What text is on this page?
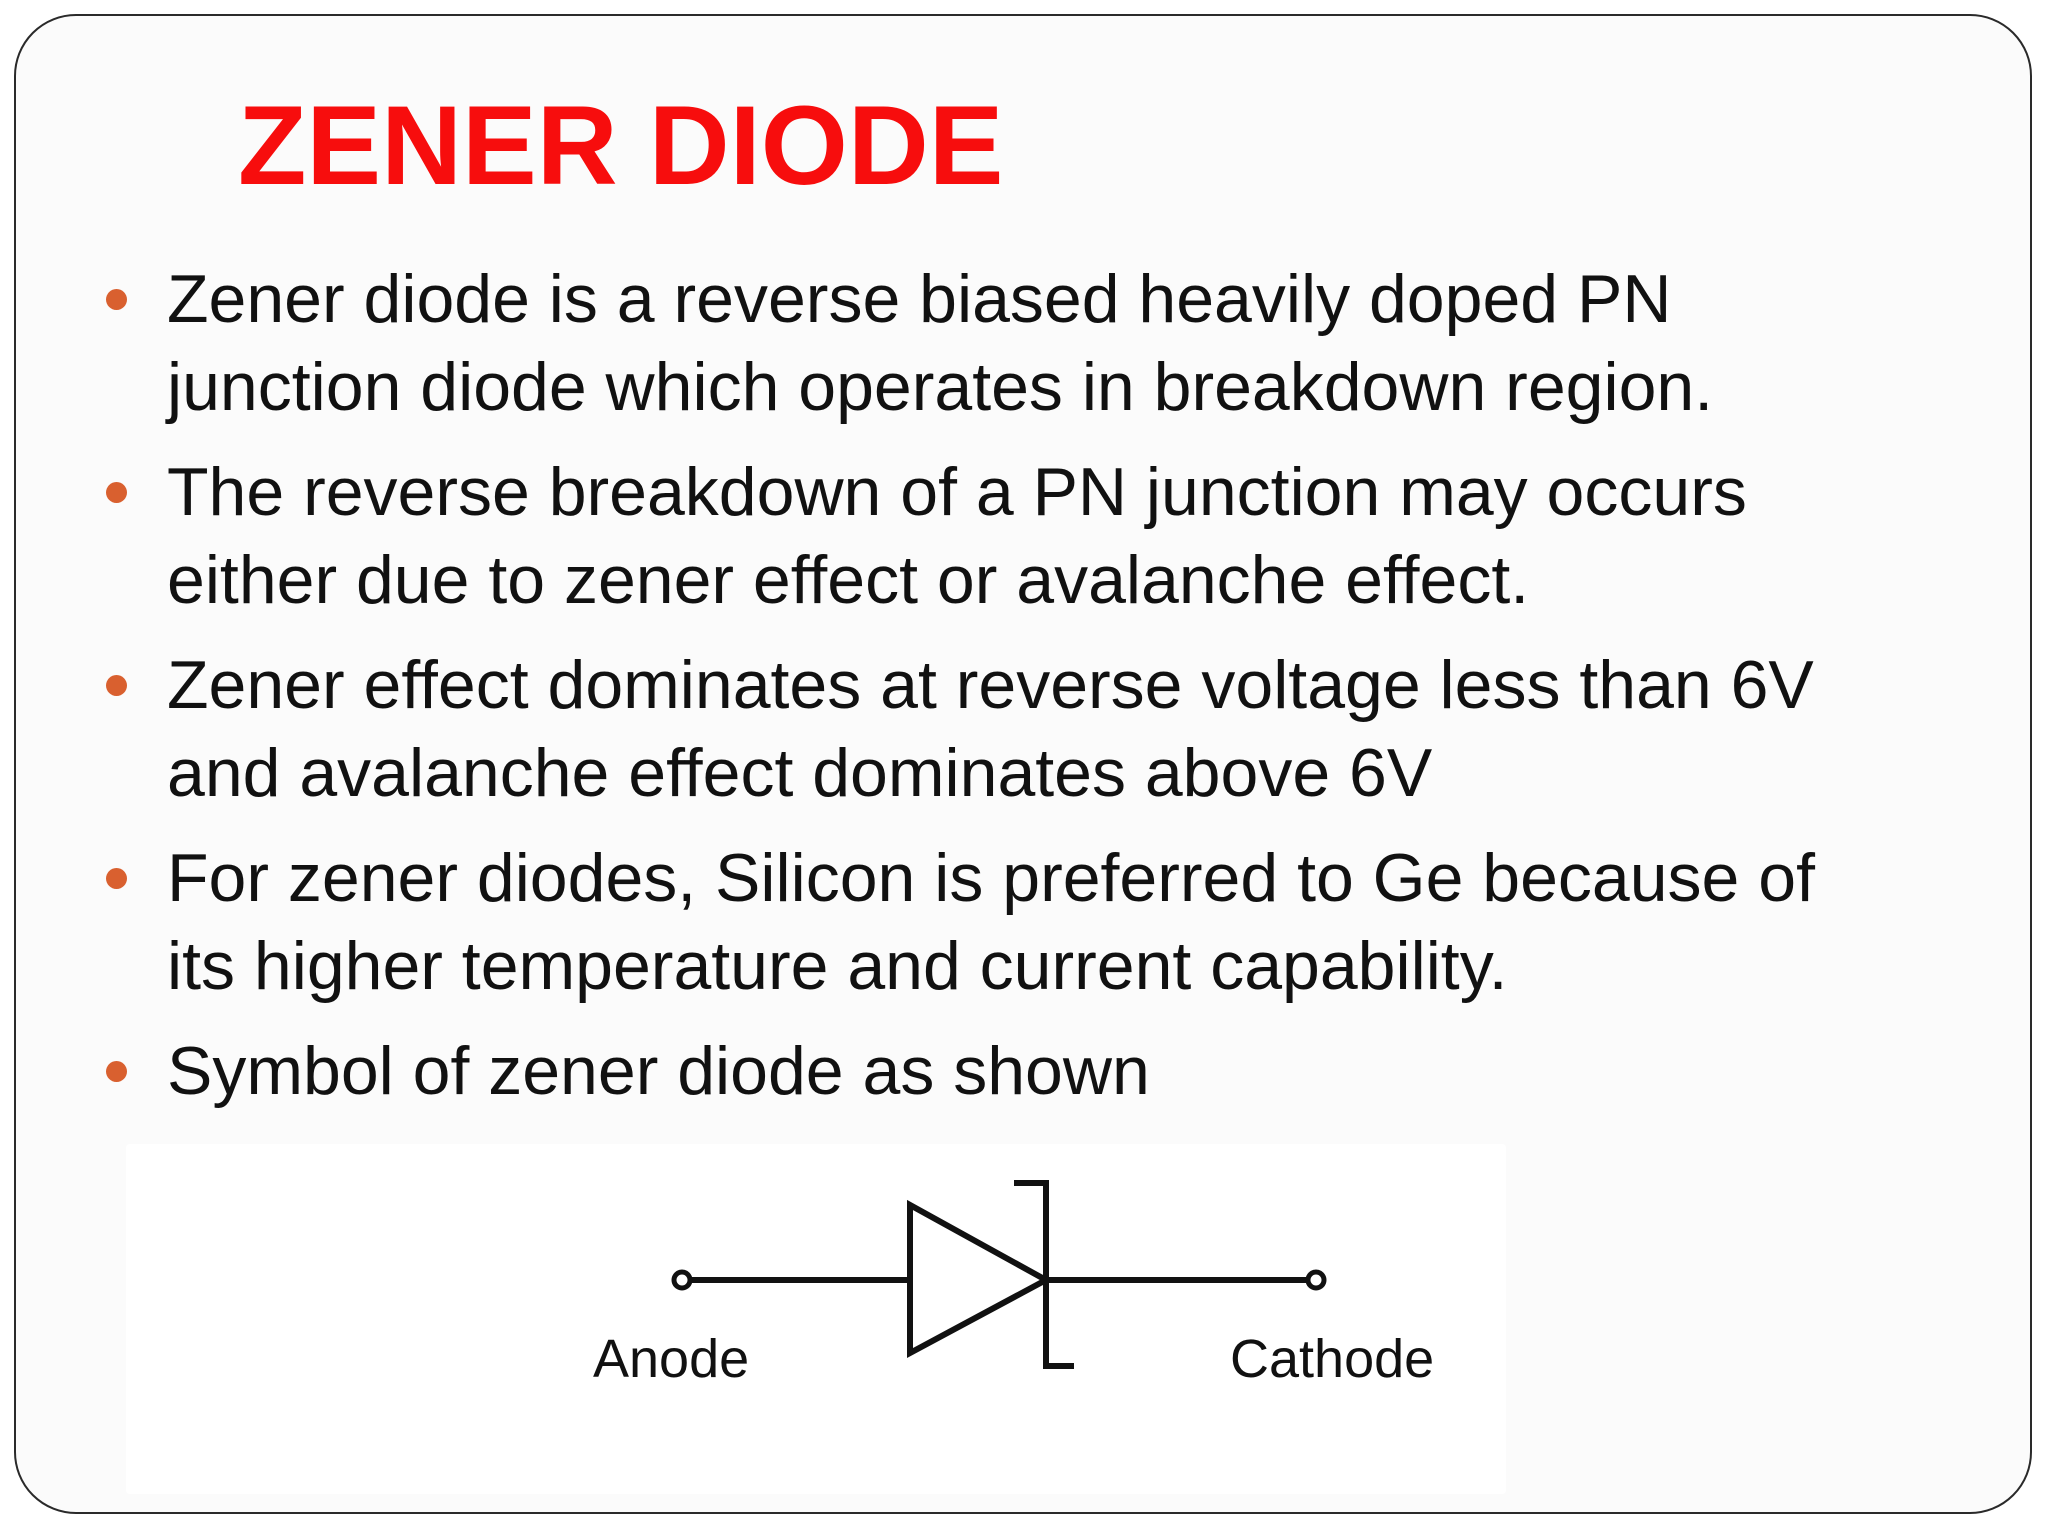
ZENER DIODE
Zener diode is a reverse biased heavily doped PN
junction diode which operates in breakdown region.
The reverse breakdown of a PN junction may occurs
either due to zener effect or avalanche effect.
Zener effect dominates at reverse voltage less than 6V
and avalanche effect dominates above 6V
For zener diodes, Silicon is preferred to Ge because of
its higher temperature and current capability.
Symbol of zener diode as shown
Anode	Cathode
